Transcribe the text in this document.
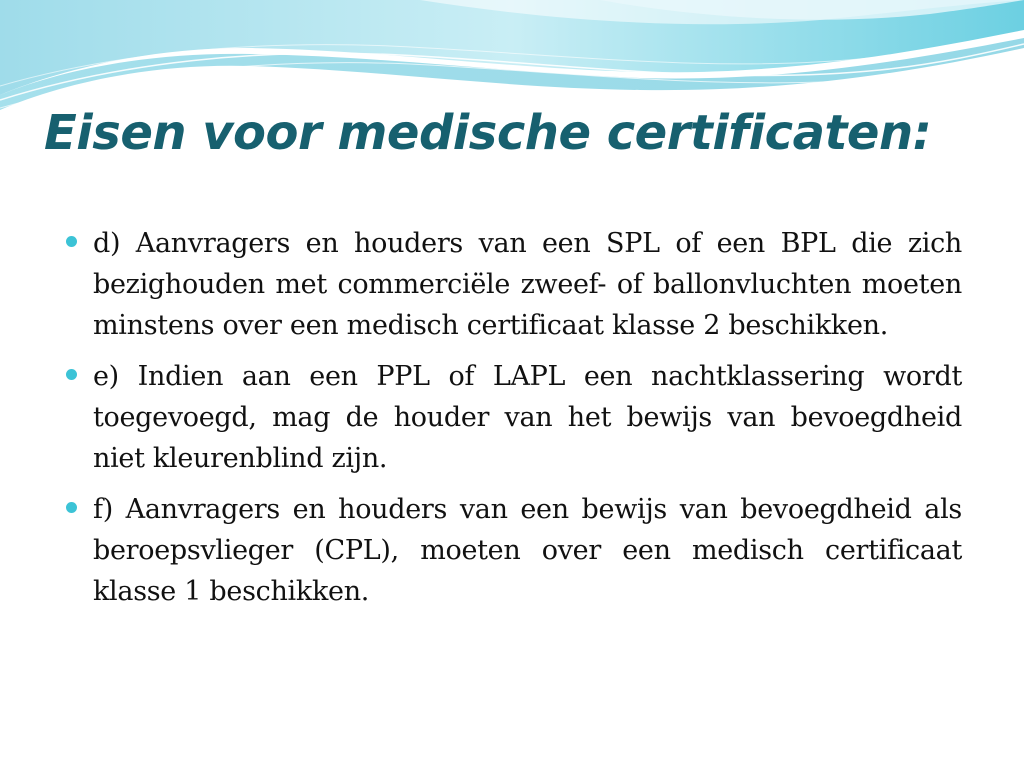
Eisen voor medische certificaten:
d) Aanvragers en houders van een SPL of een BPL die zich bezighouden met commerciële zweef- of ballonvluchten moeten minstens over een medisch certificaat klasse 2 beschikken.
e) Indien aan een PPL of LAPL een nachtklassering wordt toegevoegd, mag de houder van het bewijs van bevoegdheid niet kleurenblind zijn.
f) Aanvragers en houders van een bewijs van bevoegdheid als beroepsvlieger (CPL), moeten over een medisch certificaat klasse 1 beschikken.
